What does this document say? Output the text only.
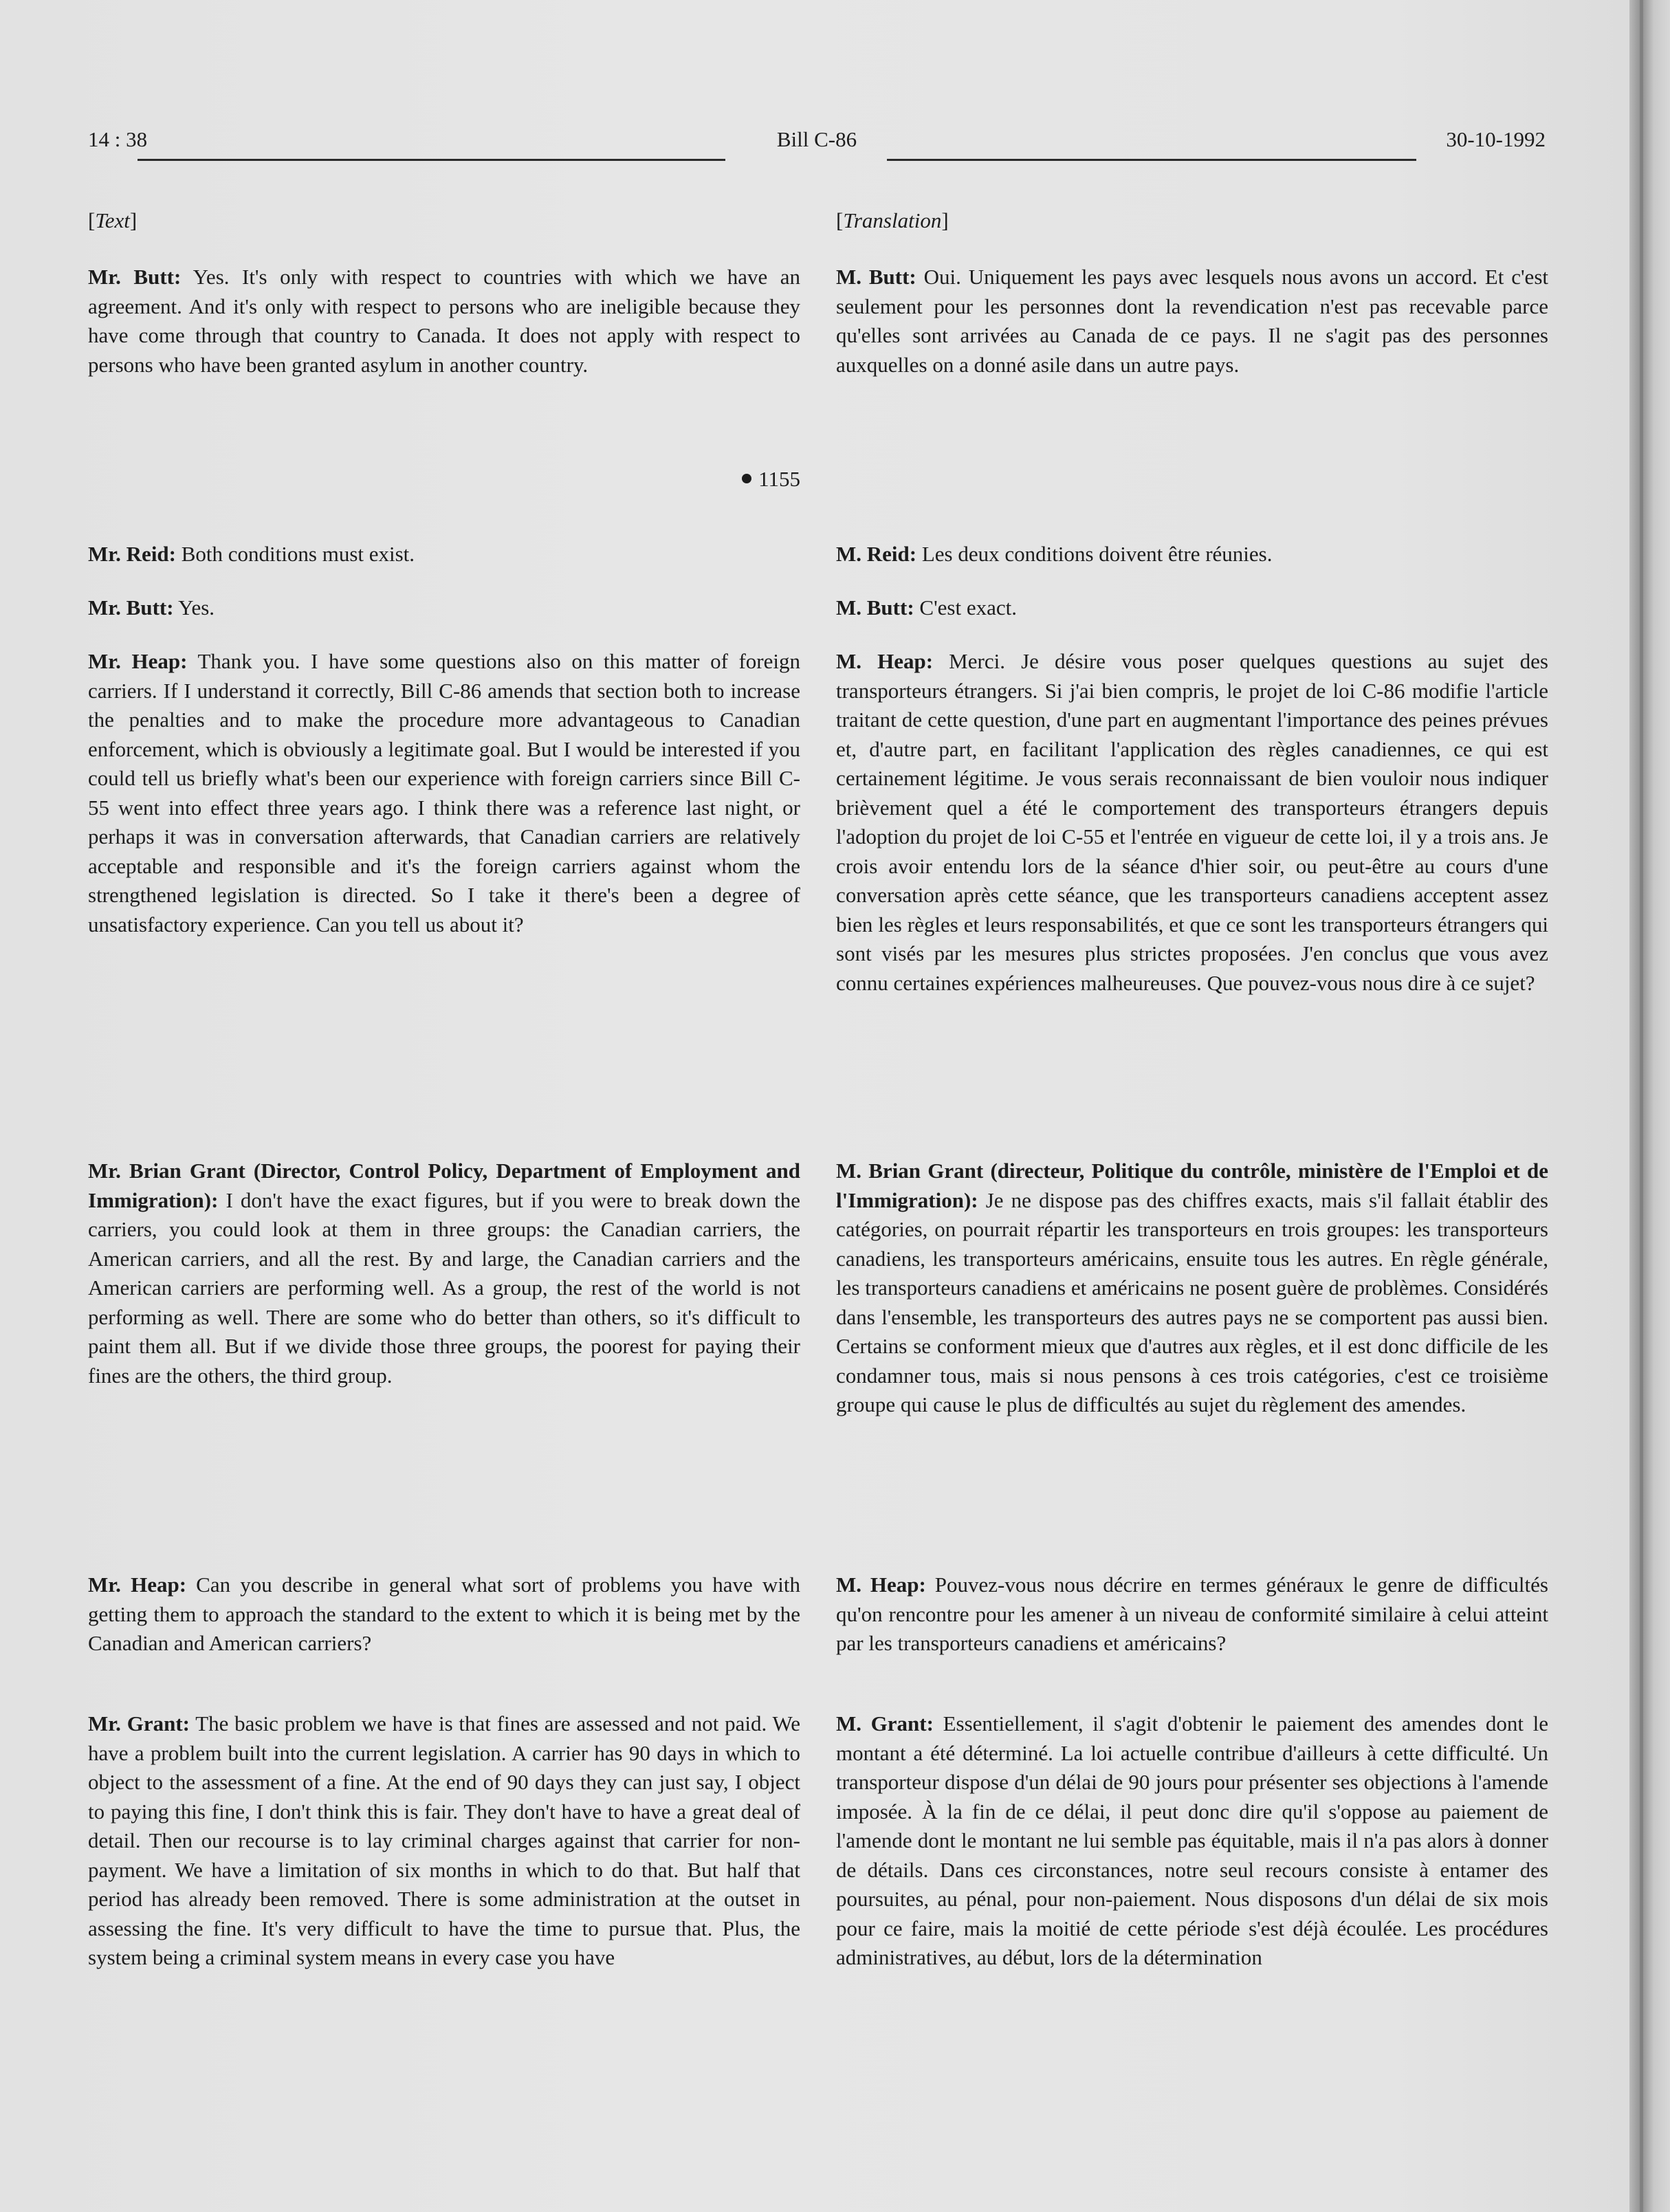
14 : 38	Bill C-86	30-10-1992

[Text]

Mr. Butt: Yes. It's only with respect to countries with which we have an agreement. And it's only with respect to persons who are ineligible because they have come through that country to Canada. It does not apply with respect to persons who have been granted asylum in another country.

1155

Mr. Reid: Both conditions must exist.

Mr. Butt: Yes.

Mr. Heap: Thank you. I have some questions also on this matter of foreign carriers. If I understand it correctly, Bill C-86 amends that section both to increase the penalties and to make the procedure more advantageous to Canadian enforcement, which is obviously a legitimate goal. But I would be interested if you could tell us briefly what's been our experience with foreign carriers since Bill C-55 went into effect three years ago. I think there was a reference last night, or perhaps it was in conversation afterwards, that Canadian carriers are relatively acceptable and responsible and it's the foreign carriers against whom the strengthened legislation is directed. So I take it there's been a degree of unsatisfactory experience. Can you tell us about it?

Mr. Brian Grant (Director, Control Policy, Department of Employment and Immigration): I don't have the exact figures, but if you were to break down the carriers, you could look at them in three groups: the Canadian carriers, the American carriers, and all the rest. By and large, the Canadian carriers and the American carriers are performing well. As a group, the rest of the world is not performing as well. There are some who do better than others, so it's difficult to paint them all. But if we divide those three groups, the poorest for paying their fines are the others, the third group.

Mr. Heap: Can you describe in general what sort of problems you have with getting them to approach the standard to the extent to which it is being met by the Canadian and American carriers?

Mr. Grant: The basic problem we have is that fines are assessed and not paid. We have a problem built into the current legislation. A carrier has 90 days in which to object to the assessment of a fine. At the end of 90 days they can just say, I object to paying this fine, I don't think this is fair. They don't have to have a great deal of detail. Then our recourse is to lay criminal charges against that carrier for non-payment. We have a limitation of six months in which to do that. But half that period has already been removed. There is some administration at the outset in assessing the fine. It's very difficult to have the time to pursue that. Plus, the system being a criminal system means in every case you have

[Translation]

M. Butt: Oui. Uniquement les pays avec lesquels nous avons un accord. Et c'est seulement pour les personnes dont la revendication n'est pas recevable parce qu'elles sont arrivées au Canada de ce pays. Il ne s'agit pas des personnes auxquelles on a donné asile dans un autre pays.

M. Reid: Les deux conditions doivent être réunies.

M. Butt: C'est exact.

M. Heap: Merci. Je désire vous poser quelques questions au sujet des transporteurs étrangers. Si j'ai bien compris, le projet de loi C-86 modifie l'article traitant de cette question, d'une part en augmentant l'importance des peines prévues et, d'autre part, en facilitant l'application des règles canadiennes, ce qui est certainement légitime. Je vous serais reconnaissant de bien vouloir nous indiquer brièvement quel a été le comportement des transporteurs étrangers depuis l'adoption du projet de loi C-55 et l'entrée en vigueur de cette loi, il y a trois ans. Je crois avoir entendu lors de la séance d'hier soir, ou peut-être au cours d'une conversation après cette séance, que les transporteurs canadiens acceptent assez bien les règles et leurs responsabilités, et que ce sont les transporteurs étrangers qui sont visés par les mesures plus strictes proposées. J'en conclus que vous avez connu certaines expériences malheureuses. Que pouvez-vous nous dire à ce sujet?

M. Brian Grant (directeur, Politique du contrôle, ministère de l'Emploi et de l'Immigration): Je ne dispose pas des chiffres exacts, mais s'il fallait établir des catégories, on pourrait répartir les transporteurs en trois groupes: les transporteurs canadiens, les transporteurs américains, ensuite tous les autres. En règle générale, les transporteurs canadiens et américains ne posent guère de problèmes. Considérés dans l'ensemble, les transporteurs des autres pays ne se comportent pas aussi bien. Certains se conforment mieux que d'autres aux règles, et il est donc difficile de les condamner tous, mais si nous pensons à ces trois catégories, c'est ce troisième groupe qui cause le plus de difficultés au sujet du règlement des amendes.

M. Heap: Pouvez-vous nous décrire en termes généraux le genre de difficultés qu'on rencontre pour les amener à un niveau de conformité similaire à celui atteint par les transporteurs canadiens et américains?

M. Grant: Essentiellement, il s'agit d'obtenir le paiement des amendes dont le montant a été déterminé. La loi actuelle contribue d'ailleurs à cette difficulté. Un transporteur dispose d'un délai de 90 jours pour présenter ses objections à l'amende imposée. À la fin de ce délai, il peut donc dire qu'il s'oppose au paiement de l'amende dont le montant ne lui semble pas équitable, mais il n'a pas alors à donner de détails. Dans ces circonstances, notre seul recours consiste à entamer des poursuites, au pénal, pour non-paiement. Nous disposons d'un délai de six mois pour ce faire, mais la moitié de cette période s'est déjà écoulée. Les procédures administratives, au début, lors de la détermination
